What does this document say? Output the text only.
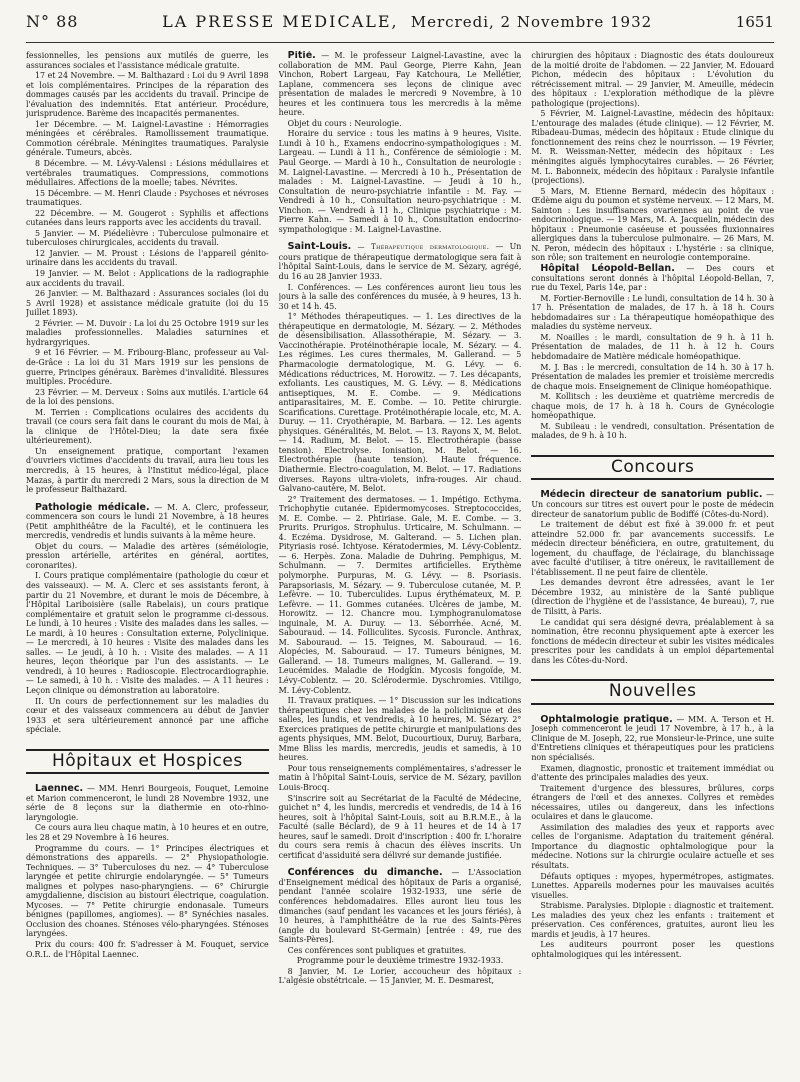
N° 88	LA PRESSE MEDICALE, Mercredi, 2 Novembre 1932	1651

fessionnelles, les pensions aux mutilés de guerre, les assurances sociales et l'assistance médicale gratuite.

17 et 24 Novembre. — M. Balthazard : Loi du 9 Avril 1898 et lois complémentaires. Principes de la réparation des dommages causés par les accidents du travail. Principe de l'évaluation des indemnités. Etat antérieur. Procédure, jurisprudence. Barème des incapacités permanentes.

1er Décembre. — M. Laignel-Lavastine : Hémorragies méningées et cérébrales. Ramollissement traumatique. Commotion cérébrale. Méningites traumatiques. Paralysie générale. Tumeurs, abcès.

8 Décembre. — M. Lévy-Valensi : Lésions médullaires et vertébrales traumatiques. Compressions, commotions médullaires. Affections de la moelle; tabes. Névrites.

15 Décembre. — M. Henri Claude : Psychoses et névroses traumatiques.

22 Décembre. — M. Gougerot : Syphilis et affections cutanées dans leurs rapports avec les accidents du travail.

5 Janvier. — M. Piédelièvre : Tuberculose pulmonaire et tuberculoses chirurgicales, accidents du travail.

12 Janvier. — M. Proust : Lésions de l'appareil génito-urinaire dans les accidents du travail.

19 Janvier. — M. Belot : Applications de la radiographie aux accidents du travail.

26 Janvier. — M. Balthazard : Assurances sociales (loi du 5 Avril 1928) et assistance médicale gratuite (loi du 15 Juillet 1893).

2 Février. — M. Duvoir : La loi du 25 Octobre 1919 sur les maladies professionnelles. Maladies saturnines et hydrargyriques.

9 et 16 Février. — M. Fribourg-Blanc, professeur au Val-de-Grâce : La loi du 31 Mars 1919 sur les pensions de guerre, Principes généraux. Barèmes d'invalidité. Blessures multiples. Procédure.

23 Février. — M. Derveux : Soins aux mutilés. L'article 64 de la loi des pensions.

M. Terrien : Complications oculaires des accidents du travail (ce cours sera fait dans le courant du mois de Mai, à la clinique de l'Hôtel-Dieu; la date sera fixée ultérieurement).

Un enseignement pratique, comportant l'examen d'ouvriers victimes d'accidents du travail, aura lieu tous les mercredis, à 15 heures, à l'Institut médico-légal, place Mazas, à partir du mercredi 2 Mars, sous la direction de M le professeur Balthazard.

Pathologie médicale. — M. A. Clerc, professeur, commencera son cours le lundi 21 Novembre, à 18 heures (Petit amphithéâtre de la Faculté), et le continuera les mercredis, vendredis et lundis suivants à la même heure.

Objet du cours. — Maladie des artères (séméiologie, pression artérielle, artérites en général, aortites, coronarites).

I. Cours pratique complémentaire (pathologie du cœur et des vaisseaux). — M. A. Clerc et ses assistants feront, à partir du 21 Novembre, et durant le mois de Décembre, à l'Hôpital Lariboisière (salle Rabelais), un cours pratique complémentaire et gratuit selon le programme ci-dessous. Le lundi, à 10 heures : Visite des malades dans les salles. — Le mardi, à 10 heures : Consultation externe, Polyclinique. — Le mercredi, à 10 heures : Visite des malades dans les salles. — Le jeudi, à 10 h. : Visite des malades. — A 11 heures, leçon théorique par l'un des assistants. — Le vendredi, à 10 heures : Radioscopie. Electrocardiographie. — Le samedi, à 10 h. : Visite des malades. — A 11 heures : Leçon clinique ou démonstration au laboratoire.

II. Un cours de perfectionnement sur les maladies du cœur et des vaisseaux commencera au début de Janvier 1933 et sera ultérieurement annoncé par une affiche spéciale.

Hôpitaux et Hospices

Laennec. — MM. Henri Bourgeois, Fouquet, Lemoine et Marion commenceront, le lundi 28 Novembre 1932, une série de 8 leçons sur la diathermie en oto-rhino-laryngologie.

Ce cours aura lieu chaque matin, à 10 heures et en outre, les 28 et 29 Novembre à 16 heures.

Programme du cours. — 1° Principes électriques et démonstrations des appareils. — 2° Physiopathologie. Techniques. — 3° Tuberculoses du nez. — 4° Tuberculose laryngée et petite chirurgie endolaryngée. — 5° Tumeurs malignes et polypes naso-pharyngiens. — 6° Chirurgie amygdalienne, discision au bistouri électrique, coagulation. Mycoses. — 7° Petite chirurgie endonasale. Tumeurs bénignes (papillomes, angiomes). — 8° Synéchies nasales. Occlusion des choanes. Sténoses vélo-pharyngées. Sténoses laryngées.

Prix du cours: 400 fr. S'adresser à M. Fouquet, service O.R.L. de l'Hôpital Laennec.

Pitié. — M. le professeur Laignel-Lavastine, avec la collaboration de MM. Paul George, Pierre Kahn, Jean Vinchon, Robert Largeau, Fay Katchoura, Le Mellétier, Laplane, commencera ses leçons de clinique avec présentation de malades le mercredi 9 Novembre, à 10 heures et les continuera tous les mercredis à la même heure.

Objet du cours : Neurologie.

Horaire du service : tous les matins à 9 heures, Visite. Lundi à 10 h., Examens endocrino-sympathologiques : M. Largeau. — Lundi à 11 h., Conférence de sémiologie : M. Paul George. — Mardi à 10 h., Consultation de neurologie : M. Laignel-Lavastine. — Mercredi à 10 h., Présentation de malades : M. Laignel-Lavastine. — Jeudi à 10 h., Consultation de neuro-psychiatrie infantile : M. Fay. — Vendredi à 10 h., Consultation neuro-psychiatrique : M. Vinchon. — Vendredi à 11 h., Clinique psychiatrique : M. Pierre Kahn. — Samedi à 10 h., Consultation endocrino-sympathologique : M. Laignel-Lavastine.

Saint-Louis. — Thérapeutique dermatologique. — Un cours pratique de thérapeutique dermatologique sera fait à l'hôpital Saint-Louis, dans le service de M. Sézary, agrégé, du 16 au 28 Janvier 1933.

I. Conférences. — Les conférences auront lieu tous les jours à la salle des conférences du musée, à 9 heures, 13 h. 30 et 14 h. 45.

1° Méthodes thérapeutiques. — 1. Les directives de la thérapeutique en dermatologie, M. Sézary. — 2. Méthodes de désensibilisation. Allassothérapie, M. Sézary. — 3. Vaccinothérapie. Protéinothérapie locale, M. Sézary. — 4. Les régimes. Les cures thermales, M. Gallerand. — 5 Pharmacologie dermatologique, M. G. Lévy. — 6. Médications réductrices, M. Horowitz. — 7. Les décapants, exfoliants. Les caustiques, M. G. Lévy. — 8. Médications antiseptiques, M. E. Combe. — 9. Médications antiparasitaires, M. E. Combe. — 10. Petite chirurgie. Scarifications. Curettage. Protéinothérapie locale, etc, M. A. Duruy. — 11. Cryothérapie, M. Barbara. — 12. Les agents physiques. Généralités, M. Belot. — 13. Rayons X, M. Belot. — 14. Radium, M. Belot. — 15. Electrothérapie (basse tension). Electrolyse. Ionisation, M. Belot. — 16. Electrothérapie (haute tension). Haute fréquence. Diathermie. Electro-coagulation, M. Belot. — 17. Radiations diverses. Rayons ultra-violets, infra-rouges. Air chaud. Galvano-cautère, M. Belot.

2° Traitement des dermatoses. — 1. Impétigo. Ecthyma. Trichophytie cutanée. Epidermomycoses. Streptococcides, M. E. Combe. — 2. Phtiriase. Gale, M. E. Combe. — 3. Prurits. Prurigos. Strophulus. Urticaire, M. Schulmann. — 4. Eczéma. Dysidrose, M. Galterand. — 5. Lichen plan. Pityriasis rosé. Ichtyose. Kératodermies, M. Lévy-Coblentz. — 6. Herpès. Zona. Maladie de Duhring. Pemphigus, M. Schulmann. — 7. Dermites artificielles. Erythème polymorphe. Purpuras, M. G. Lévy. — 8. Psoriasis. Parapsoriasis, M. Sézary. — 9. Tuberculose cutanée, M. P. Lefèvre. — 10. Tuberculides. Lupus érythémateux, M. P. Lefèvre. — 11. Gommes cutanées. Ulcères de jambe, M. Horowitz. — 12. Chancre mou. Lymphogranulomatose inguinale, M. A. Duruy. — 13. Séborrhée. Acné, M. Sabouraud. — 14. Folliculites. Sycosis. Furoncle. Anthrax, M. Sabouraud. — 15. Teignes, M. Sabouraud. — 16. Alopécies, M. Sabouraud. — 17. Tumeurs bénignes, M. Gallerand. — 18. Tumeurs malignes, M. Gallerand. — 19. Leucémides. Maladie de Hodgkin. Mycosis fongoïde, M. Lévy-Coblentz. — 20. Sclérodermie. Dyschromies. Vitiligo, M. Lévy-Coblentz.

II. Travaux pratiques. — 1° Discussion sur les indications thérapeutiques chez les malades de la policlinique et des salles, les lundis, et vendredis, à 10 heures, M. Sézary. 2° Exercices pratiques de petite chirurgie et manipulations des agents physiques, MM. Belot, Ducourtioux, Duruy, Barbara, Mme Bliss les mardis, mercredis, jeudis et samedis, à 10 heures.

Pour tous renseignements complémentaires, s'adresser le matin à l'hôpital Saint-Louis, service de M. Sézary, pavillon Louis-Brocq.

S'inscrire soit au Secrétariat de la Faculté de Médecine, guichet n° 4, les lundis, mercredis et vendredis, de 14 à 16 heures, soit à l'hôpital Saint-Louis, soit au B.R.M.E., à la Faculté (salle Béclard), de 9 à 11 heures et de 14 à 17 heures, sauf le samedi. Droit d'inscription : 400 fr. L'horaire du cours sera remis à chacun des élèves inscrits. Un certificat d'assiduité sera délivré sur demande justifiée.

Conférences du dimanche. — L'Association d'Enseignement médical des hôpitaux de Paris a organisé, pendant l'année scolaire 1932-1933, une série de conférences hebdomadaires. Elles auront lieu tous les dimanches (sauf pendant les vacances et les jours fériés), à 10 heures, à l'amphithéâtre de la rue des Saints-Pères (angle du boulevard St-Germain) [entrée : 49, rue des Saints-Pères].

Ces conférences sont publiques et gratuites.

Programme pour le deuxième trimestre 1932-1933.

8 Janvier, M. Le Lorier, accoucheur des hôpitaux : L'algésie obstétricale. — 15 Janvier, M. E. Desmarest,

chirurgien des hôpitaux : Diagnostic des états douloureux de la moitié droite de l'abdomen. — 22 Janvier, M. Edouard Pichon, médecin des hôpitaux : L'évolution du rétrécissement mitral. — 29 Janvier, M. Ameuille, médecin des hôpitaux : L'exploration méthodique de la plèvre pathologique (projections).

5 Février, M. Laignel-Lavastine, médecin des hôpitaux: L'entourage des malades (étude clinique). — 12 Février, M. Ribadeau-Dumas, médecin des hôpitaux : Etude clinique du fonctionnement des reins chez le nourrisson. — 19 Février, M. R. Weissman-Netter, médecin des hôpitaux : Les méningites aiguës lymphocytaires curables. — 26 Février, M. L. Babonneix, médecin des hôpitaux : Paralysie infantile (projections).

5 Mars, M. Etienne Bernard, médecin des hôpitaux : Œdème aigu du poumon et système nerveux. — 12 Mars, M. Sainton : Les insuffisances ovariennes au point de vue endocrinologique. — 19 Mars, M. A. Jacquelin, médecin des hôpitaux : Pneumonie caséeuse et poussées fluxionnaires allergiques dans la tuberculose pulmonaire. — 26 Mars, M. N. Peron, médecin des hôpitaux : L'hystérie : sa clinique, son rôle; son traitement en neurologie contemporaine.

Hôpital Léopold-Bellan. — Des cours et consultations seront donnés à l'hôpital Léopold-Bellan, 7, rue du Texel, Paris 14e, par :

M. Fortier-Bernoville : Le lundi, consultation de 14 h. 30 à 17 h. Présentation de malades, de 17 h. à 18 h. Cours hebdomadaires sur : La thérapeutique homéopathique des maladies du système nerveux.

M. Noailles : le mardi, consultation de 9 h. à 11 h. Présentation de malades, de 11 h. à 12 h. Cours hebdomadaire de Matière médicale homéopathique.

M. J. Bas : le mercredi, consultation de 14 h. 30 à 17 h. Présentation de malades les premier et troisième mercredis de chaque mois. Enseignement de Clinique homéopathique.

M. Kollitsch : les deuxième et quatrième mercredis de chaque mois, de 17 h. à 18 h. Cours de Gynécologie homéopathique.

M. Subileau : le vendredi, consultation. Présentation de malades, de 9 h. à 10 h.

Concours

Médecin directeur de sanatorium public. — Un concours sur titres est ouvert pour le poste de médecin directeur de sanatorium public de Bodiffé (Côtes-du-Nord).

Le traitement de début est fixé à 39.000 fr. et peut atteindre 52.000 fr. par avancements successifs. Le médecin directeur bénéficiera, en outre, gratuitement, du logement, du chauffage, de l'éclairage, du blanchissage avec faculté d'utiliser, à titre onéreux, le ravitaillement de l'établissement. Il ne peut faire de clientèle.

Les demandes devront être adressées, avant le 1er Décembre 1932, au ministère de la Santé publique (direction de l'hygiène et de l'assistance, 4e bureau), 7, rue de Tilsitt, à Paris.

Le candidat qui sera désigné devra, préalablement à sa nomination, être reconnu physiquement apte à exercer les fonctions de médecin directeur et subir les visites médicales prescrites pour les candidats à un emploi départemental dans les Côtes-du-Nord.

Nouvelles

Ophtalmologie pratique. — MM. A. Terson et H. Joseph commenceront le jeudi 17 Novembre, à 17 h., à la Clinique de M. Joseph, 22, rue Monsieur-le-Prince, une suite d'Entretiens cliniques et thérapeutiques pour les praticiens non spécialisés.

Examen, diagnostic, pronostic et traitement immédiat ou d'attente des principales maladies des yeux.

Traitement d'urgence des blessures, brûlures, corps étrangers de l'œil et des annexes. Collyres et remèdes nécessaires, utiles ou dangereux, dans les infections oculaires et dans le glaucome.

Assimilation des maladies des yeux et rapports avec celles de l'organisme. Adaptation du traitement général. Importance du diagnostic ophtalmologique pour la médecine. Notions sur la chirurgie oculaire actuelle et ses résultats.

Défauts optiques : myopes, hypermétropes, astigmates. Lunettes. Appareils modernes pour les mauvaises acuités visuelles.

Strabisme. Paralysies. Diplopie : diagnostic et traitement. Les maladies des yeux chez les enfants : traitement et préservation. Ces conférences, gratuites, auront lieu les mardis et jeudis, à 17 heures.

Les auditeurs pourront poser les questions ophtalmologiques qui les intéressent.
